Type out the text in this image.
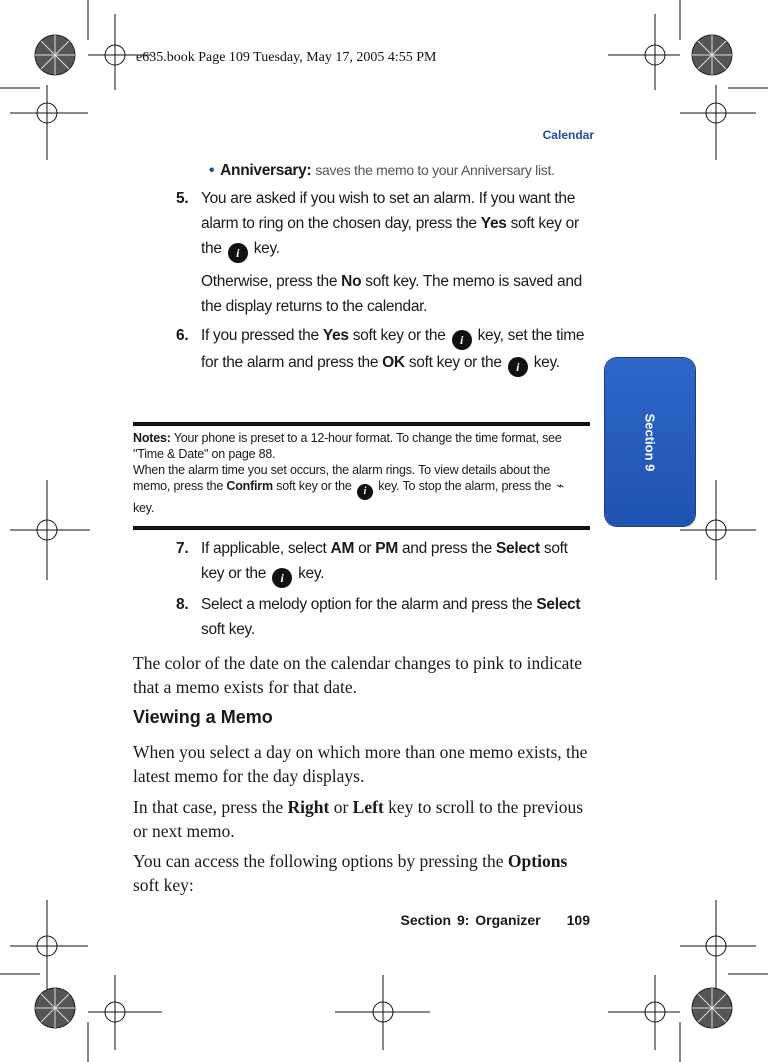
e635.book Page 109 Tuesday, May 17, 2005 4:55 PM
Calendar
Section 9
• Anniversary: saves the memo to your Anniversary list.
5. You are asked if you wish to set an alarm. If you want the alarm to ring on the chosen day, press the Yes soft key or the i key.

Otherwise, press the No soft key. The memo is saved and the display returns to the calendar.

6. If you pressed the Yes soft key or the i key, set the time for the alarm and press the OK soft key or the i key.

Notes: Your phone is preset to a 12-hour format. To change the time format, see "Time & Date" on page 88.

When the alarm time you set occurs, the alarm rings. To view details about the memo, press the Confirm soft key or the i key. To stop the alarm, press the ⌁ key.

7. If applicable, select AM or PM and press the Select soft key or the i key.

8. Select a melody option for the alarm and press the Select soft key.

The color of the date on the calendar changes to pink to indicate that a memo exists for that date.

Viewing a Memo

When you select a day on which more than one memo exists, the latest memo for the day displays.

In that case, press the Right or Left key to scroll to the previous or next memo.

You can access the following options by pressing the Options soft key:

Section 9: Organizer 109
